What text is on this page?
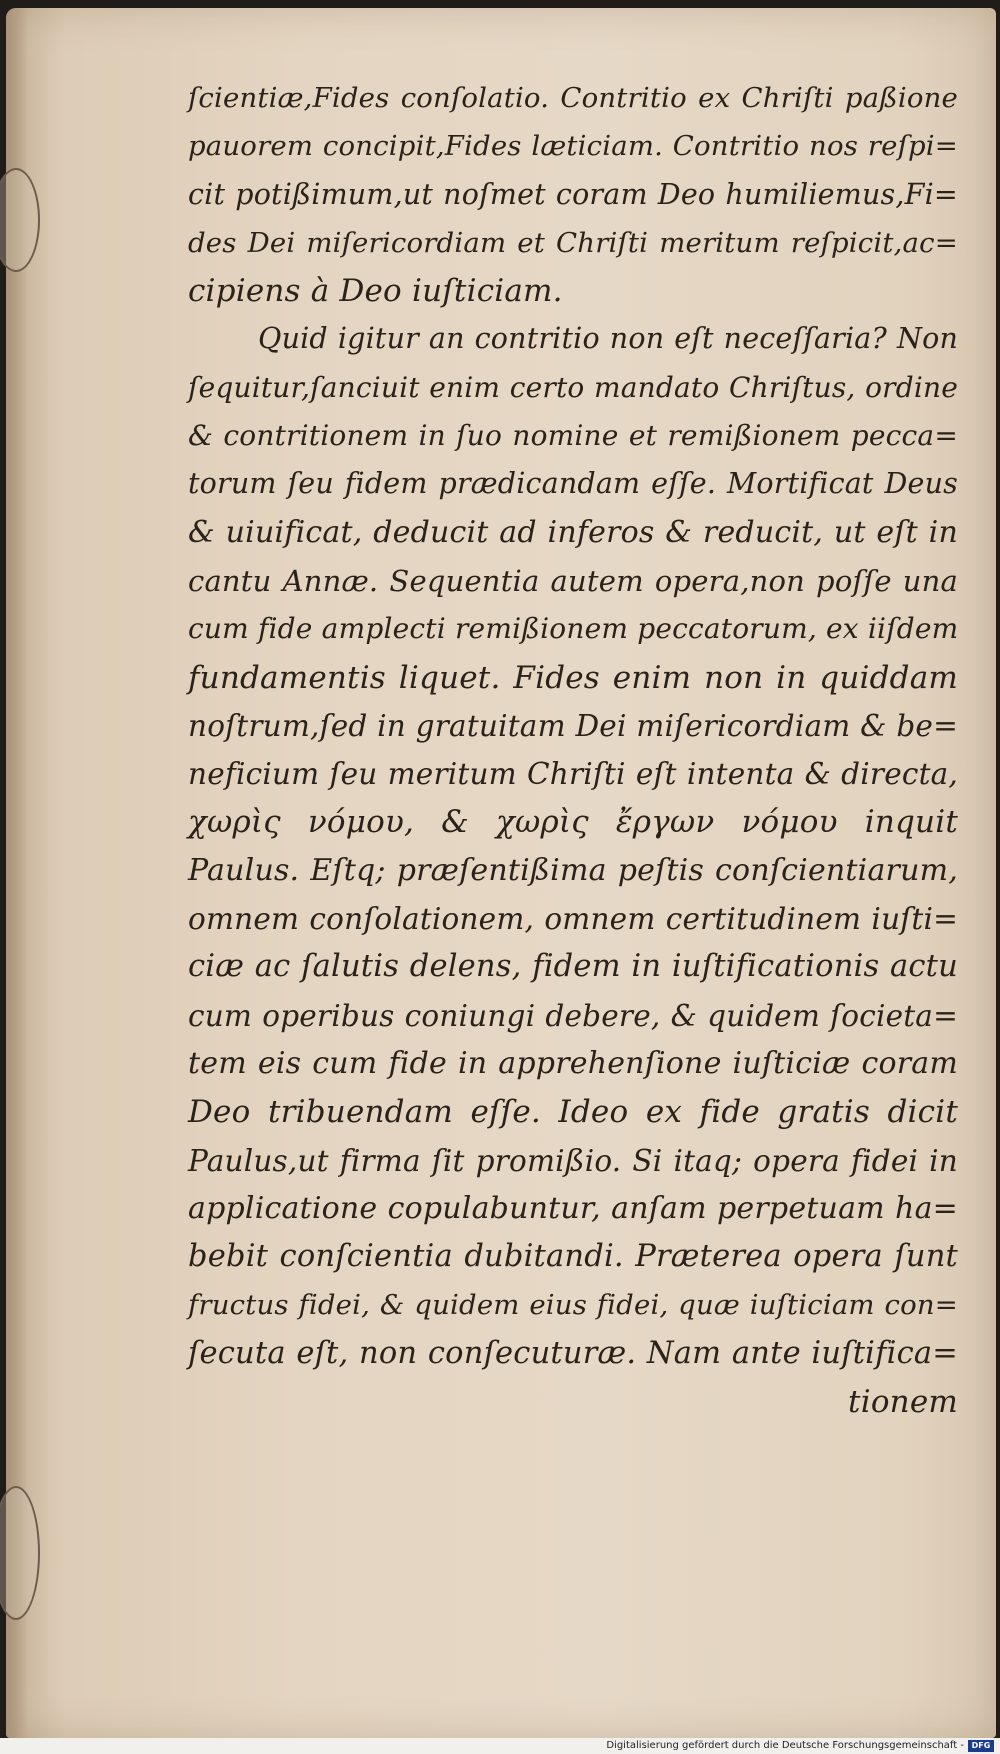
ſcientiæ,Fides conſolatio. Contritio ex Chriſti paßione
pauorem concipit,Fides læticiam. Contritio nos reſpi=
cit potißimum,ut noſmet coram Deo humiliemus,Fi=
des Dei miſericordiam et Chriſti meritum reſpicit,ac=
cipiens à Deo iuſticiam.
Quid igitur an contritio non eſt neceſſaria? Non
ſequitur,ſanciuit enim certo mandato Chriſtus, ordine
& contritionem in ſuo nomine et remißionem pecca=
torum ſeu fidem prædicandam eſſe. Mortificat Deus
& uiuificat, deducit ad inferos & reducit, ut eſt in
cantu Annæ. Sequentia autem opera,non poſſe una
cum fide amplecti remißionem peccatorum, ex iiſdem
fundamentis liquet. Fides enim non in quiddam
noſtrum,ſed in gratuitam Dei miſericordiam & be=
neficium ſeu meritum Chriſti eſt intenta & directa,
χωρὶς νόμου, & χωρὶς ἔργων νόμου inquit
Paulus. Eſtq; præſentißima peſtis conſcientiarum,
omnem conſolationem, omnem certitudinem iuſti=
ciæ ac ſalutis delens, fidem in iuſtificationis actu
cum operibus coniungi debere, & quidem ſocieta=
tem eis cum fide in apprehenſione iuſticiæ coram
Deo tribuendam eſſe. Ideo ex fide gratis dicit
Paulus,ut firma ſit promißio. Si itaq; opera fidei in
applicatione copulabuntur, anſam perpetuam ha=
bebit conſcientia dubitandi. Præterea opera ſunt
fructus fidei, & quidem eius fidei, quæ iuſticiam con=
ſecuta eſt, non conſecuturæ. Nam ante iuſtifica=
tionem
Digitalisierung gefördert durch die Deutsche Forschungsgemeinschaft - DFG
